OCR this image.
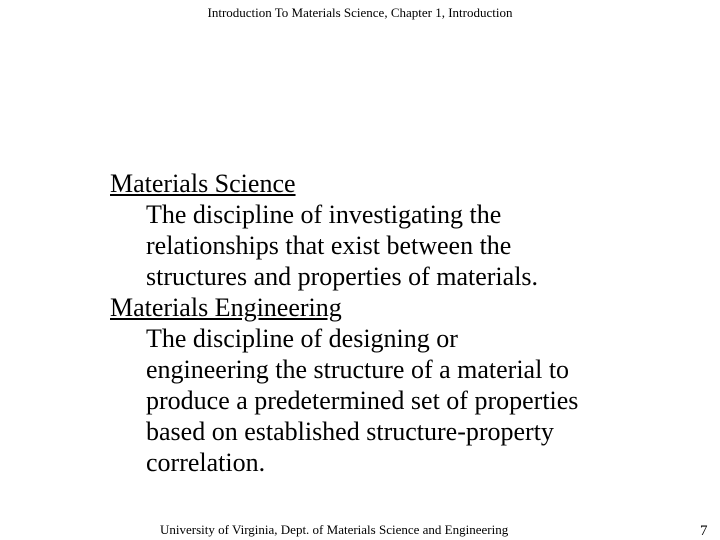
Introduction To Materials Science, Chapter 1, Introduction
Materials Science
The discipline of investigating the
relationships that exist between the
structures and properties of materials.
Materials Engineering
The discipline of designing or
engineering the structure of a material to
produce a predetermined set of properties
based on established structure-property
correlation.
University of Virginia, Dept. of Materials Science and Engineering	7
